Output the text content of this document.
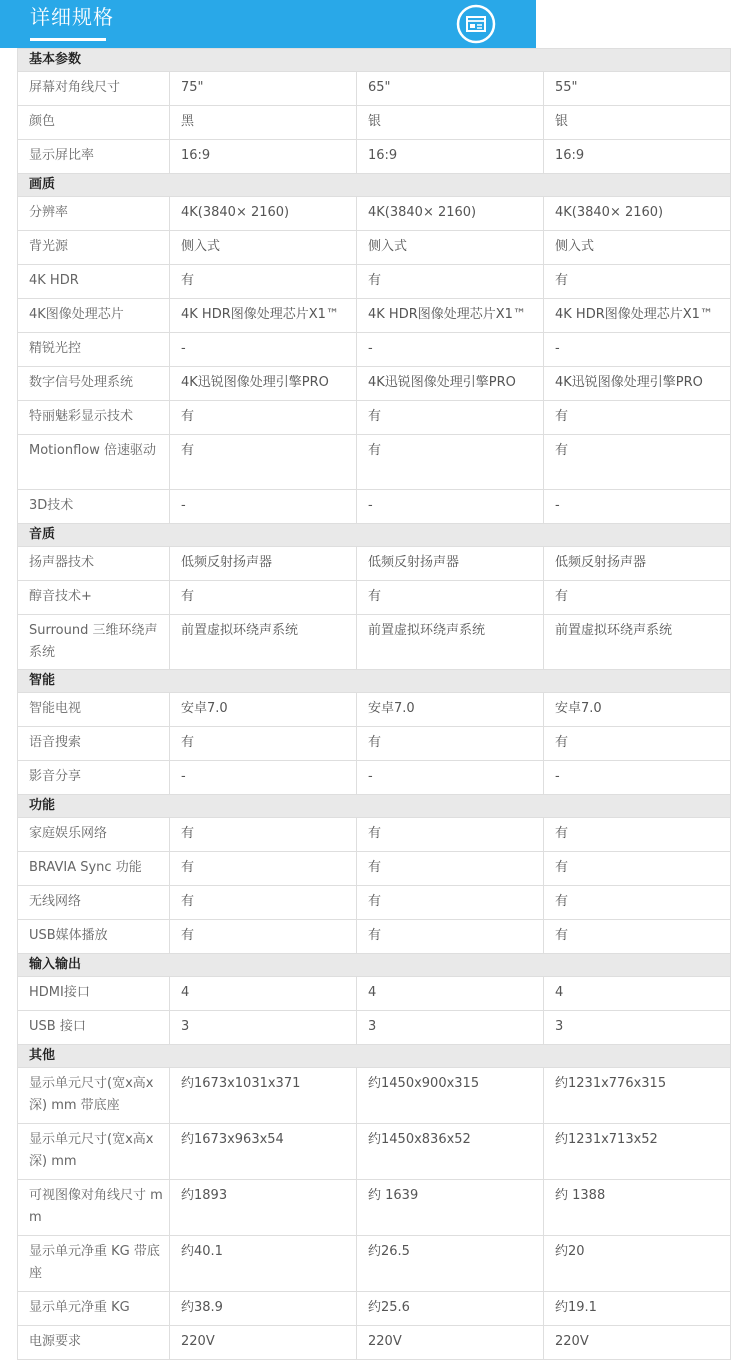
详细规格
基本参数			
屏幕对角线尺寸	75"	65"	55"
颜色	黑	银	银
显示屏比率	16:9	16:9	16:9
画质			
分辨率	4K(3840× 2160)	4K(3840× 2160)	4K(3840× 2160)
背光源	侧入式	侧入式	侧入式
4K HDR	有	有	有
4K图像处理芯片	4K HDR图像处理芯片X1™	4K HDR图像处理芯片X1™	4K HDR图像处理芯片X1™
精锐光控	-	-	-
数字信号处理系统	4K迅锐图像处理引擎PRO	4K迅锐图像处理引擎PRO	4K迅锐图像处理引擎PRO
特丽魅彩显示技术	有	有	有
Motionflow 倍速驱动	有	有	有
3D技术	-	-	-
音质			
扬声器技术	低频反射扬声器	低频反射扬声器	低频反射扬声器
醇音技术+	有	有	有
Surround 三维环绕声系统	前置虚拟环绕声系统	前置虚拟环绕声系统	前置虚拟环绕声系统
智能			
智能电视	安卓7.0	安卓7.0	安卓7.0
语音搜索	有	有	有
影音分享	-	-	-
功能			
家庭娱乐网络	有	有	有
BRAVIA Sync 功能	有	有	有
无线网络	有	有	有
USB媒体播放	有	有	有
输入输出			
HDMI接口	4	4	4
USB 接口	3	3	3
其他			
显示单元尺寸(宽x高x深) mm 带底座	约1673x1031x371	约1450x900x315	约1231x776x315
显示单元尺寸(宽x高x深) mm	约1673x963x54	约1450x836x52	约1231x713x52
可视图像对角线尺寸 mm	约1893	约 1639	约 1388
显示单元净重 KG 带底座	约40.1	约26.5	约20
显示单元净重 KG	约38.9	约25.6	约19.1
电源要求	220V	220V	220V
